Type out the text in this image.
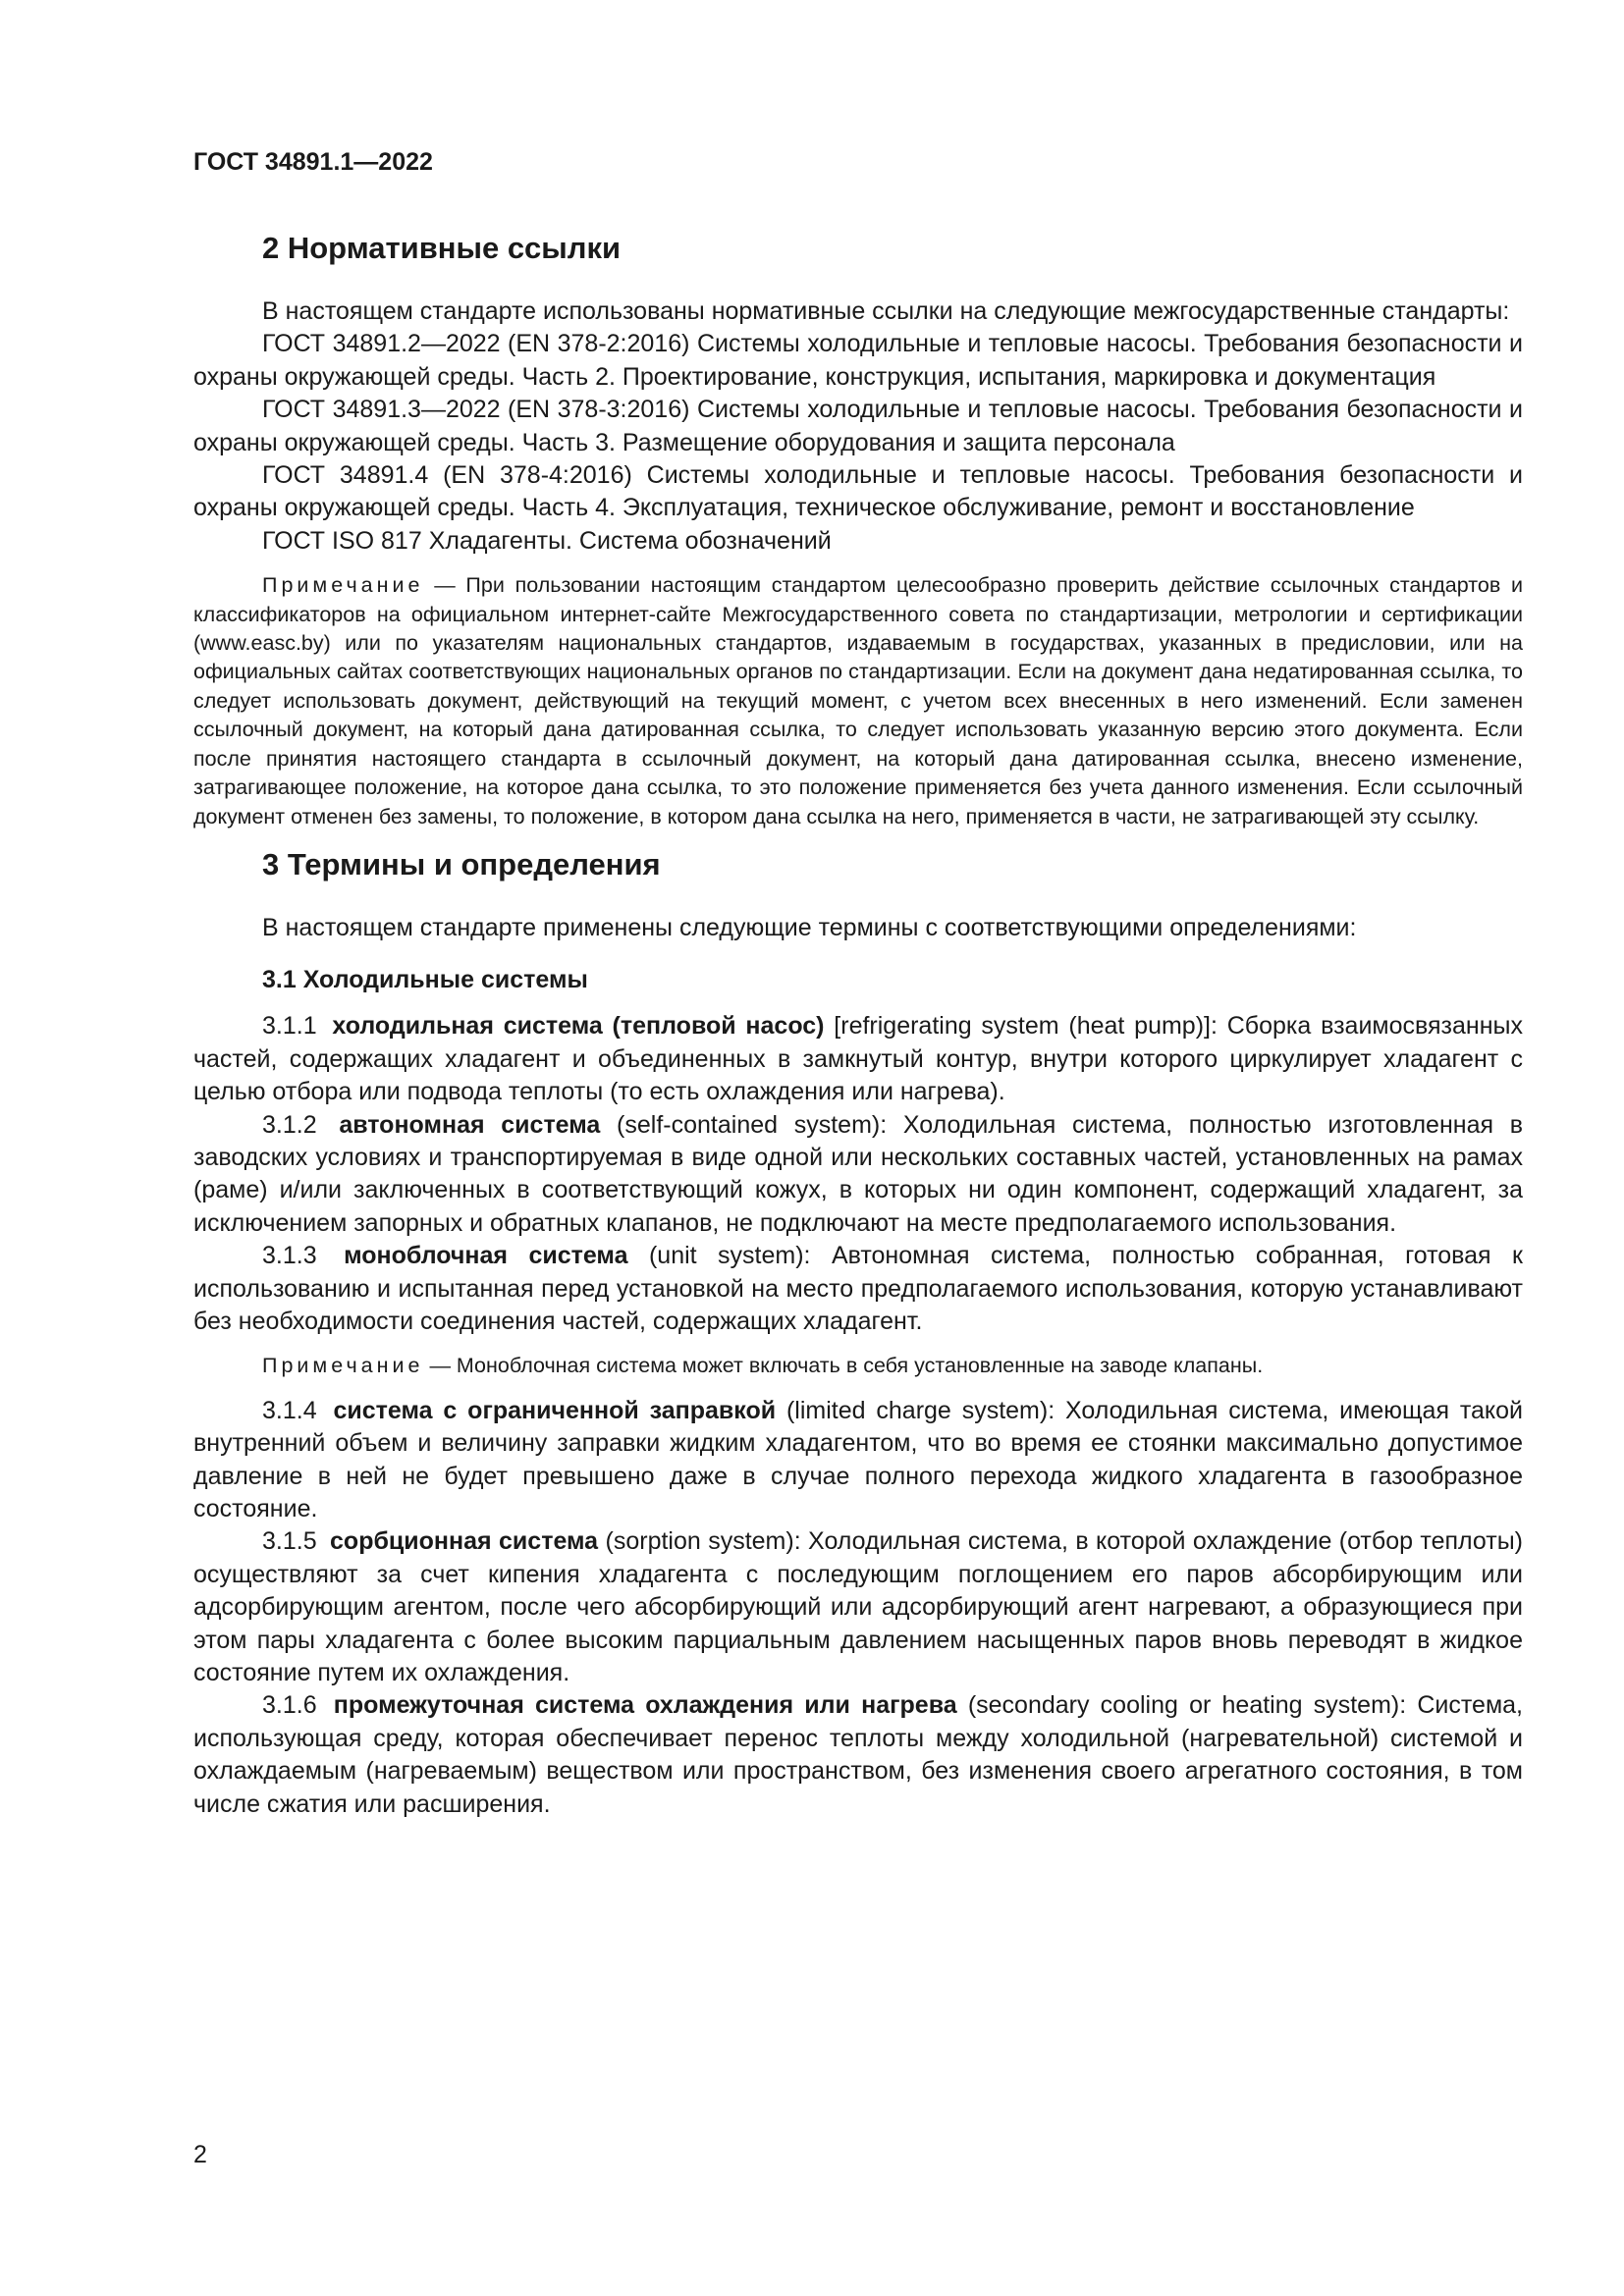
ГОСТ 34891.1—2022
2 Нормативные ссылки

В настоящем стандарте использованы нормативные ссылки на следующие межгосударственные стандарты:

ГОСТ 34891.2—2022 (EN 378-2:2016) Системы холодильные и тепловые насосы. Требования безопасности и охраны окружающей среды. Часть 2. Проектирование, конструкция, испытания, маркировка и документация

ГОСТ 34891.3—2022 (EN 378-3:2016) Системы холодильные и тепловые насосы. Требования безопасности и охраны окружающей среды. Часть 3. Размещение оборудования и защита персонала

ГОСТ 34891.4 (EN 378-4:2016) Системы холодильные и тепловые насосы. Требования безопасности и охраны окружающей среды. Часть 4. Эксплуатация, техническое обслуживание, ремонт и восстановление

ГОСТ ISO 817 Хладагенты. Система обозначений

Примечание — При пользовании настоящим стандартом целесообразно проверить действие ссылочных стандартов и классификаторов на официальном интернет-сайте Межгосударственного совета по стандартизации, метрологии и сертификации (www.easc.by) или по указателям национальных стандартов, издаваемым в государствах, указанных в предисловии, или на официальных сайтах соответствующих национальных органов по стандартизации. Если на документ дана недатированная ссылка, то следует использовать документ, действующий на текущий момент, с учетом всех внесенных в него изменений. Если заменен ссылочный документ, на который дана датированная ссылка, то следует использовать указанную версию этого документа. Если после принятия настоящего стандарта в ссылочный документ, на который дана датированная ссылка, внесено изменение, затрагивающее положение, на которое дана ссылка, то это положение применяется без учета данного изменения. Если ссылочный документ отменен без замены, то положение, в котором дана ссылка на него, применяется в части, не затрагивающей эту ссылку.

3 Термины и определения

В настоящем стандарте применены следующие термины с соответствующими определениями:

3.1 Холодильные системы

3.1.1 холодильная система (тепловой насос) [refrigerating system (heat pump)]: Сборка взаимосвязанных частей, содержащих хладагент и объединенных в замкнутый контур, внутри которого циркулирует хладагент с целью отбора или подвода теплоты (то есть охлаждения или нагрева).

3.1.2 автономная система (self-contained system): Холодильная система, полностью изготовленная в заводских условиях и транспортируемая в виде одной или нескольких составных частей, установленных на рамах (раме) и/или заключенных в соответствующий кожух, в которых ни один компонент, содержащий хладагент, за исключением запорных и обратных клапанов, не подключают на месте предполагаемого использования.

3.1.3 моноблочная система (unit system): Автономная система, полностью собранная, готовая к использованию и испытанная перед установкой на место предполагаемого использования, которую устанавливают без необходимости соединения частей, содержащих хладагент.

Примечание — Моноблочная система может включать в себя установленные на заводе клапаны.

3.1.4 система с ограниченной заправкой (limited charge system): Холодильная система, имеющая такой внутренний объем и величину заправки жидким хладагентом, что во время ее стоянки максимально допустимое давление в ней не будет превышено даже в случае полного перехода жидкого хладагента в газообразное состояние.

3.1.5 сорбционная система (sorption system): Холодильная система, в которой охлаждение (отбор теплоты) осуществляют за счет кипения хладагента с последующим поглощением его паров абсорбирующим или адсорбирующим агентом, после чего абсорбирующий или адсорбирующий агент нагревают, а образующиеся при этом пары хладагента с более высоким парциальным давлением насыщенных паров вновь переводят в жидкое состояние путем их охлаждения.

3.1.6 промежуточная система охлаждения или нагрева (secondary cooling or heating system): Система, использующая среду, которая обеспечивает перенос теплоты между холодильной (нагревательной) системой и охлаждаемым (нагреваемым) веществом или пространством, без изменения своего агрегатного состояния, в том числе сжатия или расширения.

2
